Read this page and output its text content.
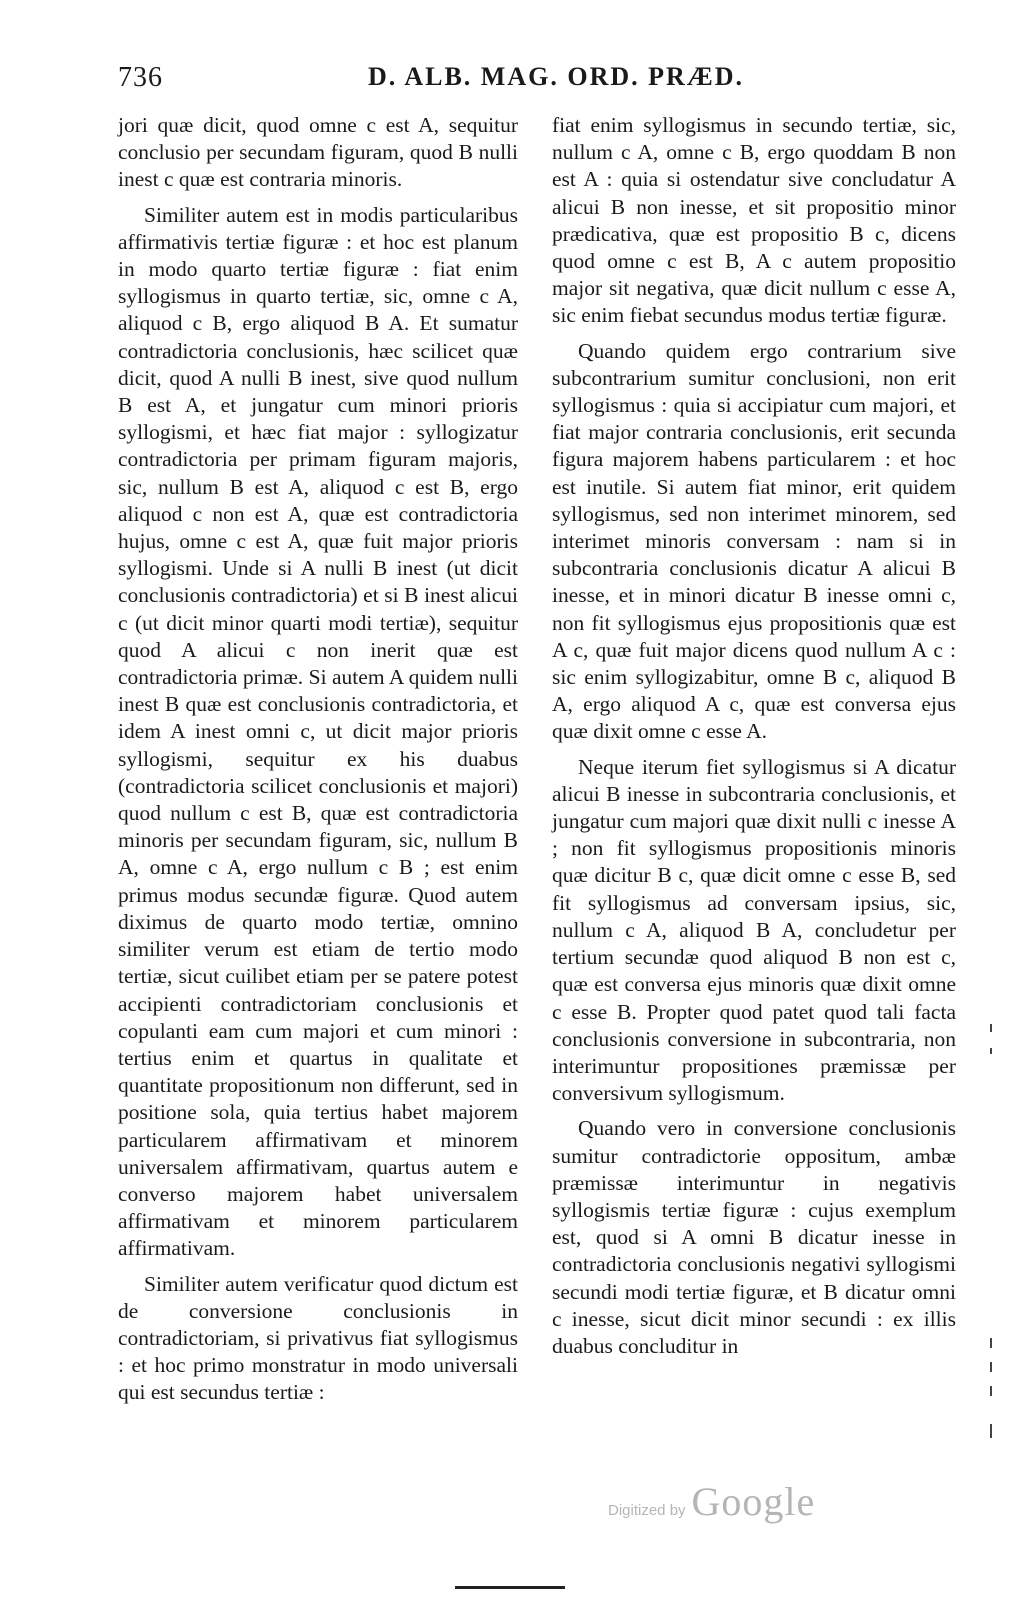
736	D. ALB. MAG. ORD. PRÆD.

jori quæ dicit, quod omne c est A, sequitur conclusio per secundam figuram, quod B nulli inest c quæ est contraria minoris.

Similiter autem est in modis particularibus affirmativis tertiæ figuræ : et hoc est planum in modo quarto tertiæ figuræ : fiat enim syllogismus in quarto tertiæ, sic, omne c A, aliquod c B, ergo aliquod B A. Et sumatur contradictoria conclusionis, hæc scilicet quæ dicit, quod A nulli B inest, sive quod nullum B est A, et jungatur cum minori prioris syllogismi, et hæc fiat major : syllogizatur contradictoria per primam figuram majoris, sic, nullum B est A, aliquod c est B, ergo aliquod c non est A, quæ est contradictoria hujus, omne c est A, quæ fuit major prioris syllogismi. Unde si A nulli B inest (ut dicit conclusionis contradictoria) et si B inest alicui c (ut dicit minor quarti modi tertiæ), sequitur quod A alicui c non inerit quæ est contradictoria primæ. Si autem A quidem nulli inest B quæ est conclusionis contradictoria, et idem A inest omni c, ut dicit major prioris syllogismi, sequitur ex his duabus (contradictoria scilicet conclusionis et majori) quod nullum c est B, quæ est contradictoria minoris per secundam figuram, sic, nullum B A, omne c A, ergo nullum c B ; est enim primus modus secundæ figuræ. Quod autem diximus de quarto modo tertiæ, omnino similiter verum est etiam de tertio modo tertiæ, sicut cuilibet etiam per se patere potest accipienti contradictoriam conclusionis et copulanti eam cum majori et cum minori : tertius enim et quartus in qualitate et quantitate propositionum non differunt, sed in positione sola, quia tertius habet majorem particularem affirmativam et minorem universalem affirmativam, quartus autem e converso majorem habet universalem affirmativam et minorem particularem affirmativam.

Similiter autem verificatur quod dictum est de conversione conclusionis in contradictoriam, si privativus fiat syllogismus : et hoc primo monstratur in modo universali qui est secundus tertiæ :

fiat enim syllogismus in secundo tertiæ, sic, nullum c A, omne c B, ergo quoddam B non est A : quia si ostendatur sive concludatur A alicui B non inesse, et sit propositio minor prædicativa, quæ est propositio B c, dicens quod omne c est B, A c autem propositio major sit negativa, quæ dicit nullum c esse A, sic enim fiebat secundus modus tertiæ figuræ.

Quando quidem ergo contrarium sive subcontrarium sumitur conclusioni, non erit syllogismus : quia si accipiatur cum majori, et fiat major contraria conclusionis, erit secunda figura majorem habens particularem : et hoc est inutile. Si autem fiat minor, erit quidem syllogismus, sed non interimet minorem, sed interimet minoris conversam : nam si in subcontraria conclusionis dicatur A alicui B inesse, et in minori dicatur B inesse omni c, non fit syllogismus ejus propositionis quæ est A c, quæ fuit major dicens quod nullum A c : sic enim syllogizabitur, omne B c, aliquod B A, ergo aliquod A c, quæ est conversa ejus quæ dixit omne c esse A.

Neque iterum fiet syllogismus si A dicatur alicui B inesse in subcontraria conclusionis, et jungatur cum majori quæ dixit nulli c inesse A ; non fit syllogismus propositionis minoris quæ dicitur B c, quæ dicit omne c esse B, sed fit syllogismus ad conversam ipsius, sic, nullum c A, aliquod B A, concludetur per tertium secundæ quod aliquod B non est c, quæ est conversa ejus minoris quæ dixit omne c esse B. Propter quod patet quod tali facta conclusionis conversione in subcontraria, non interimuntur propositiones præmissæ per conversivum syllogismum.

Quando vero in conversione conclusionis sumitur contradictorie oppositum, ambæ præmissæ interimuntur in negativis syllogismis tertiæ figuræ : cujus exemplum est, quod si A omni B dicatur inesse in contradictoria conclusionis negativi syllogismi secundi modi tertiæ figuræ, et B dicatur omni c inesse, sicut dicit minor secundi : ex illis duabus concluditur in

Digitized by Google
